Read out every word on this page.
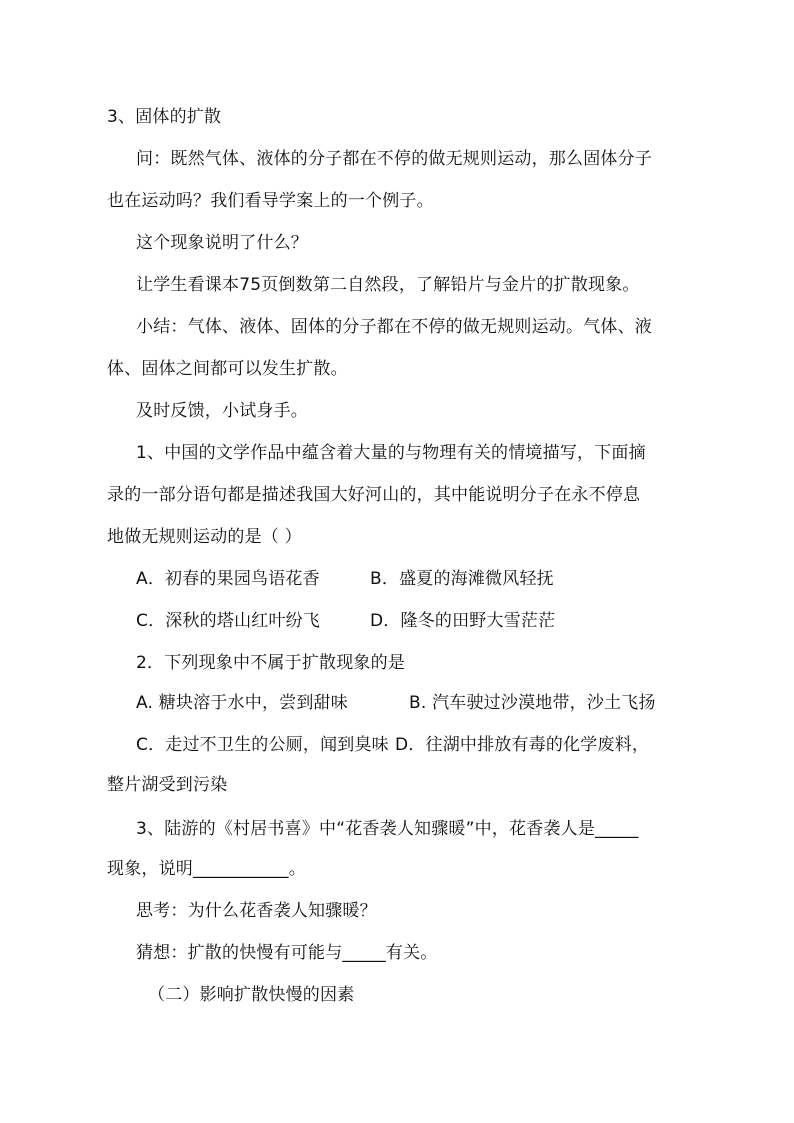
3、固体的扩散
问：既然气体、液体的分子都在不停的做无规则运动，那么固体分子
也在运动吗？我们看导学案上的一个例子。
这个现象说明了什么？
让学生看课本75页倒数第二自然段，了解铅片与金片的扩散现象。
小结：气体、液体、固体的分子都在不停的做无规则运动。气体、液
体、固体之间都可以发生扩散。
及时反馈，小试身手。
1、中国的文学作品中蕴含着大量的与物理有关的情境描写，下面摘
录的一部分语句都是描述我国大好河山的，其中能说明分子在永不停息
地做无规则运动的是（ ）
A．初春的果园鸟语花香	B．盛夏的海滩微风轻抚
C．深秋的塔山红叶纷飞	D．隆冬的田野大雪茫茫
2．下列现象中不属于扩散现象的是
A. 糖块溶于水中，尝到甜味	B. 汽车驶过沙漠地带，沙土飞扬
C．走过不卫生的公厕，闻到臭味 D．往湖中排放有毒的化学废料，
整片湖受到污染
3、陆游的《村居书喜》中“花香袭人知骤暖”中，花香袭人是_____
现象，说明___________。
思考：为什么花香袭人知骤暖？
猜想：扩散的快慢有可能与_____有关。
（二）影响扩散快慢的因素
